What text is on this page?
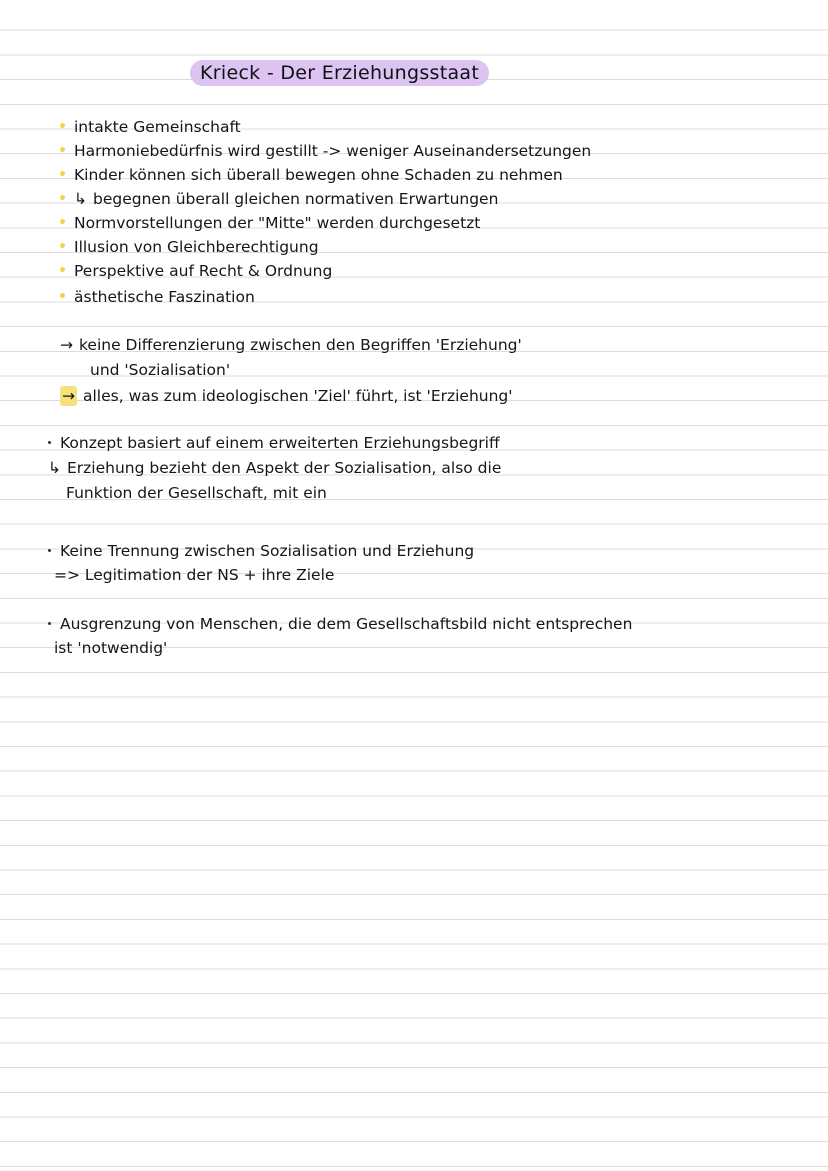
Krieck - Der Erziehungsstaat
intakte Gemeinschaft
Harmoniebedürfnis wird gestillt -> weniger Auseinandersetzungen
Kinder können sich überall bewegen ohne Schaden zu nehmen
↳ begegnen überall gleichen normativen Erwartungen
Normvorstellungen der "Mitte" werden durchgesetzt
Illusion von Gleichberechtigung
Perspektive auf Recht & Ordnung
ästhetische Faszination
→ keine Differenzierung zwischen den Begriffen 'Erziehung'
und 'Sozialisation'
→ alles, was zum ideologischen 'Ziel' führt, ist 'Erziehung'
Konzept basiert auf einem erweiterten Erziehungsbegriff
↳ Erziehung bezieht den Aspekt der Sozialisation, also die
Funktion der Gesellschaft, mit ein
Keine Trennung zwischen Sozialisation und Erziehung
=> Legitimation der NS + ihre Ziele
Ausgrenzung von Menschen, die dem Gesellschaftsbild nicht entsprechen
ist 'notwendig'
